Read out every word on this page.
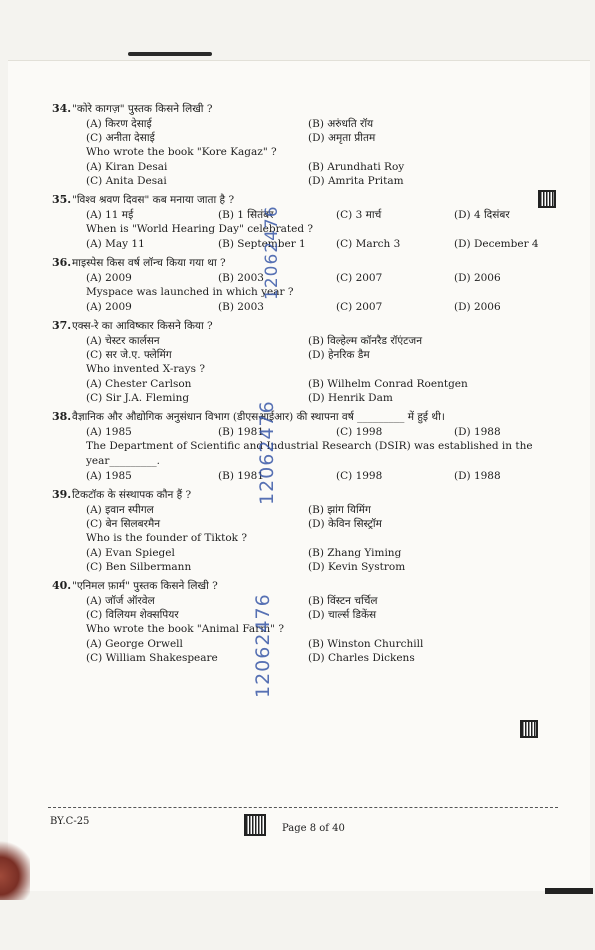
34. "कोरे कागज़" पुस्तक किसने लिखी ?
(A) किरण देसाई	(B) अरुंधति रॉय
(C) अनीता देसाई	(D) अमृता प्रीतम
Who wrote the book "Kore Kagaz" ?
(A) Kiran Desai	(B) Arundhati Roy
(C) Anita Desai	(D) Amrita Pritam
35. "विश्व श्रवण दिवस" कब मनाया जाता है ?
(A) 11 मई	(B) 1 सितंबर	(C) 3 मार्च	(D) 4 दिसंबर
When is "World Hearing Day" celebrated ?
(A) May 11	(B) September 1	(C) March 3	(D) December 4
36. माइस्पेस किस वर्ष लॉन्च किया गया था ?
(A) 2009	(B) 2003	(C) 2007	(D) 2006
Myspace was launched in which year ?
(A) 2009	(B) 2003	(C) 2007	(D) 2006
37. एक्स-रे का आविष्कार किसने किया ?
(A) चेस्टर कार्लसन	(B) विल्हेल्म कॉनरैड रॉएंटजन
(C) सर जे.ए. फ्लेमिंग	(D) हेनरिक डैम
Who invented X-rays ?
(A) Chester Carlson	(B) Wilhelm Conrad Roentgen
(C) Sir J.A. Fleming	(D) Henrik Dam
38. वैज्ञानिक और औद्योगिक अनुसंधान विभाग (डीएसआईआर) की स्थापना वर्ष _________ में हुई थी।
(A) 1985	(B) 1981	(C) 1998	(D) 1988
The Department of Scientific and Industrial Research (DSIR) was established in the year_________.
(A) 1985	(B) 1981	(C) 1998	(D) 1988
39. टिकटॉक के संस्थापक कौन हैं ?
(A) इवान स्पीगल	(B) झांग यिमिंग
(C) बेन सिलबरमैन	(D) केविन सिस्ट्रॉम
Who is the founder of Tiktok ?
(A) Evan Spiegel	(B) Zhang Yiming
(C) Ben Silbermann	(D) Kevin Systrom
40. "एनिमल फ़ार्म" पुस्तक किसने लिखी ?
(A) जॉर्ज ऑरवेल	(B) विंस्टन चर्चिल
(C) विलियम शेक्सपियर	(D) चार्ल्स डिकेंस
Who wrote the book "Animal Farm" ?
(A) George Orwell	(B) Winston Churchill
(C) William Shakespeare	(D) Charles Dickens
12062476
12062476
12062476
BY.C-25
Page 8 of 40
